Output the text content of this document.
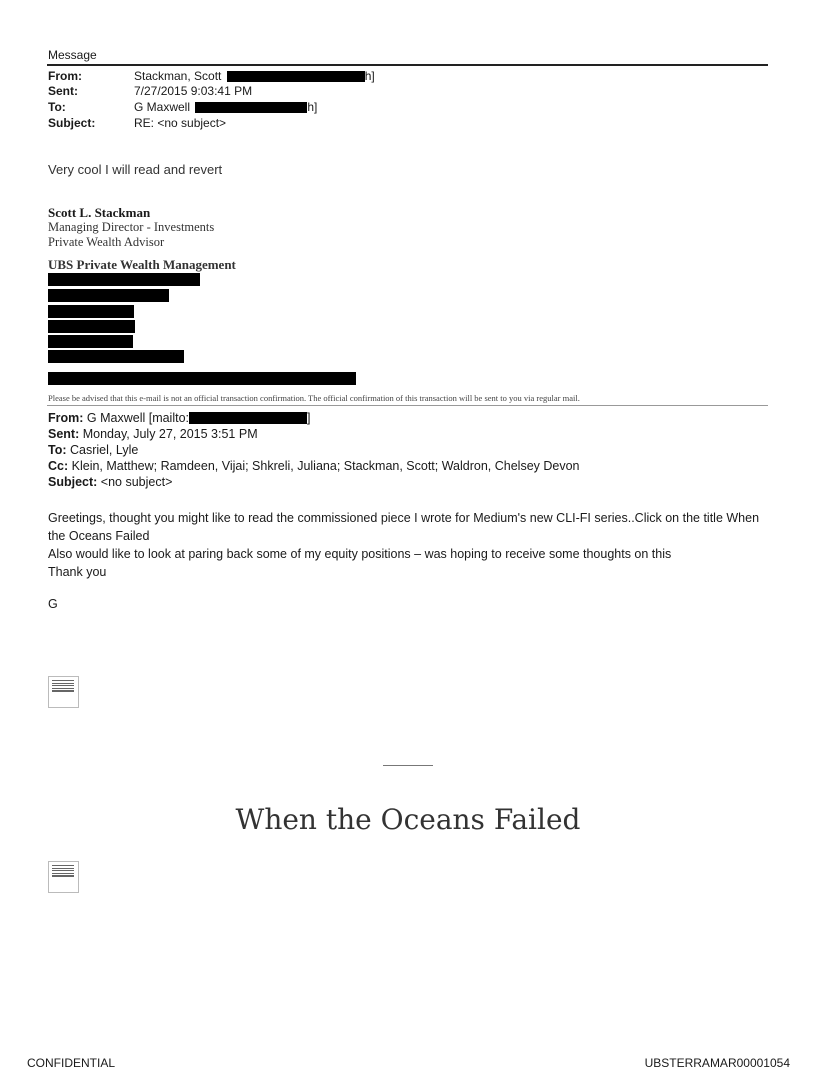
Message
From:	Stackman, Scott	h]
Sent:	7/27/2015 9:03:41 PM
To:	G Maxwell	h]
Subject:	RE: <no subject>
Very cool I will read and revert
Scott L. Stackman
Managing Director - Investments
Private Wealth Advisor
UBS Private Wealth Management
Please be advised that this e-mail is not an official transaction confirmation. The official confirmation of this transaction will be sent to you via regular mail.
From: G Maxwell [mailto:	]
Sent: Monday, July 27, 2015 3:51 PM
To: Casriel, Lyle
Cc: Klein, Matthew; Ramdeen, Vijai; Shkreli, Juliana; Stackman, Scott; Waldron, Chelsey Devon
Subject: <no subject>

Greetings, thought you might like to read the commissioned piece I wrote for Medium's new CLI-FI series..Click on the title When the Oceans Failed

Also would like to look at paring back some of my equity positions – was hoping to receive some thoughts on this

Thank you

G
When the Oceans Failed
CONFIDENTIAL	UBSTERRAMAR00001054
